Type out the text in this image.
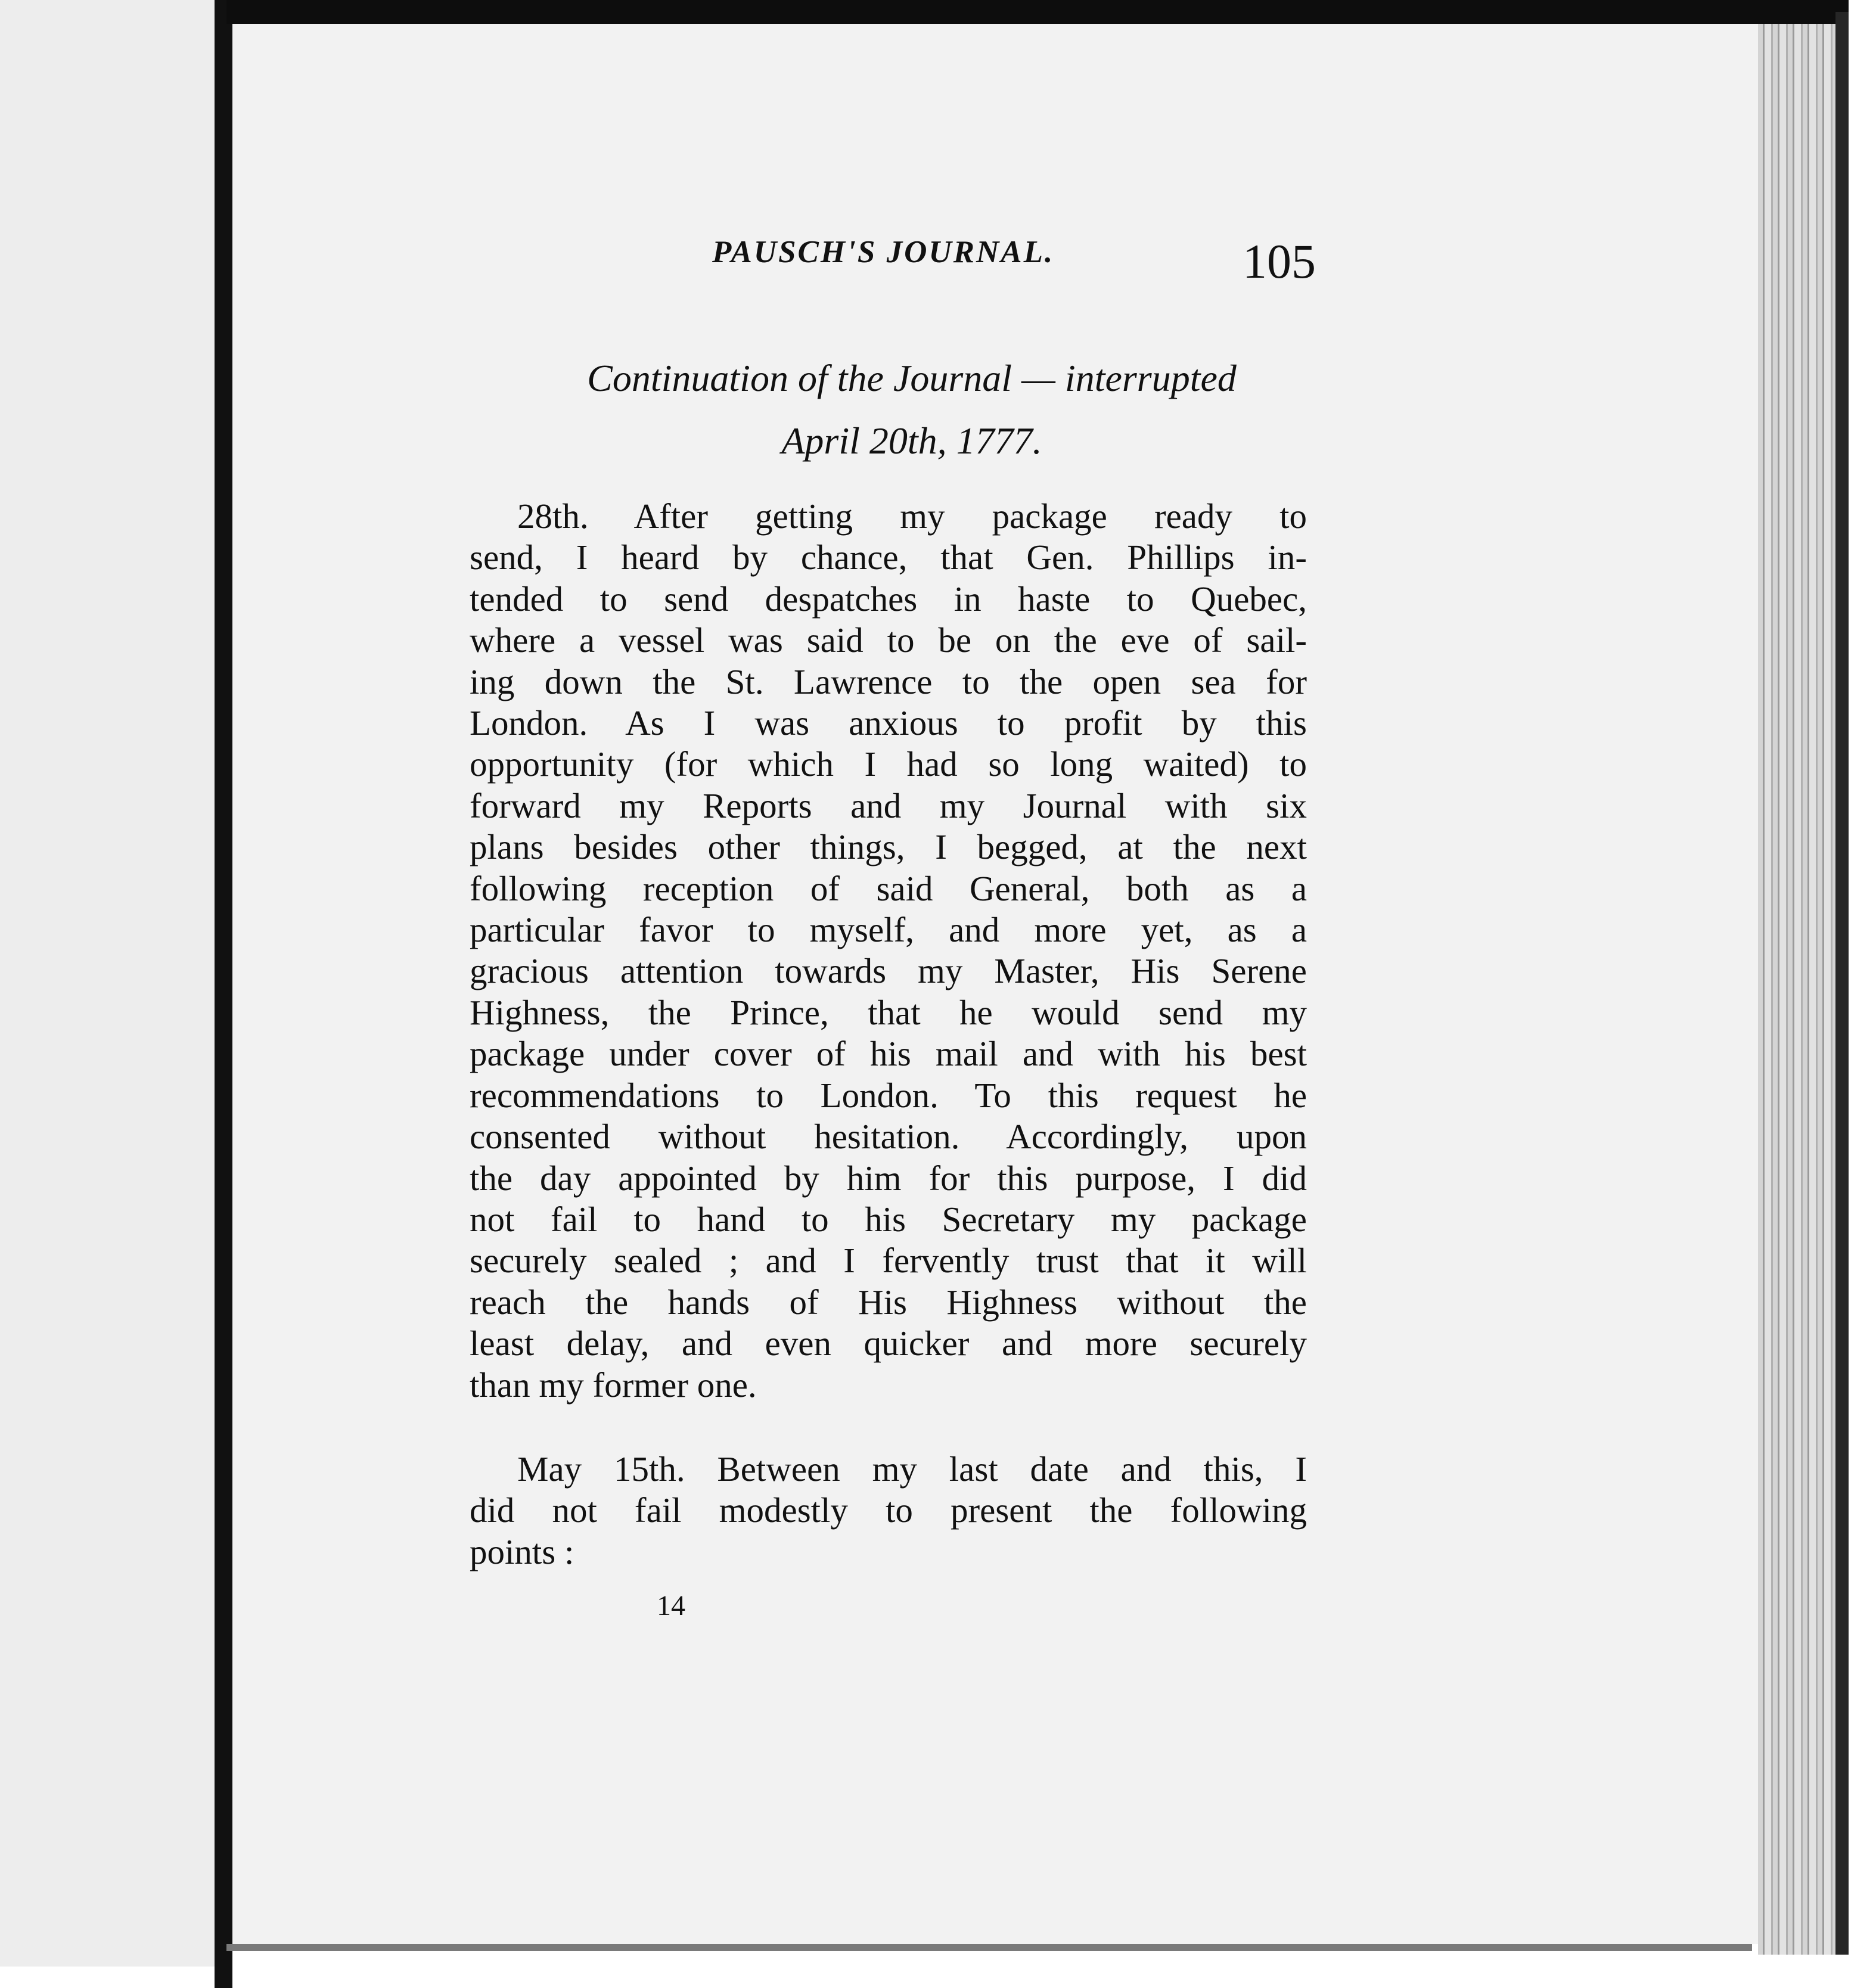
PAUSCH'S JOURNAL.	105
Continuation of the Journal — interrupted
April 20th, 1777.

28th. After getting my package ready to
send, I heard by chance, that Gen. Phillips in-
tended to send despatches in haste to Quebec,
where a vessel was said to be on the eve of sail-
ing down the St. Lawrence to the open sea for
London. As I was anxious to profit by this
opportunity (for which I had so long waited) to
forward my Reports and my Journal with six
plans besides other things, I begged, at the next
following reception of said General, both as a
particular favor to myself, and more yet, as a
gracious attention towards my Master, His Serene
Highness, the Prince, that he would send my
package under cover of his mail and with his best
recommendations to London. To this request he
consented without hesitation. Accordingly, upon
the day appointed by him for this purpose, I did
not fail to hand to his Secretary my package
securely sealed ; and I fervently trust that it will
reach the hands of His Highness without the
least delay, and even quicker and more securely
than my former one.

May 15th. Between my last date and this, I
did not fail modestly to present the following
points :

14
